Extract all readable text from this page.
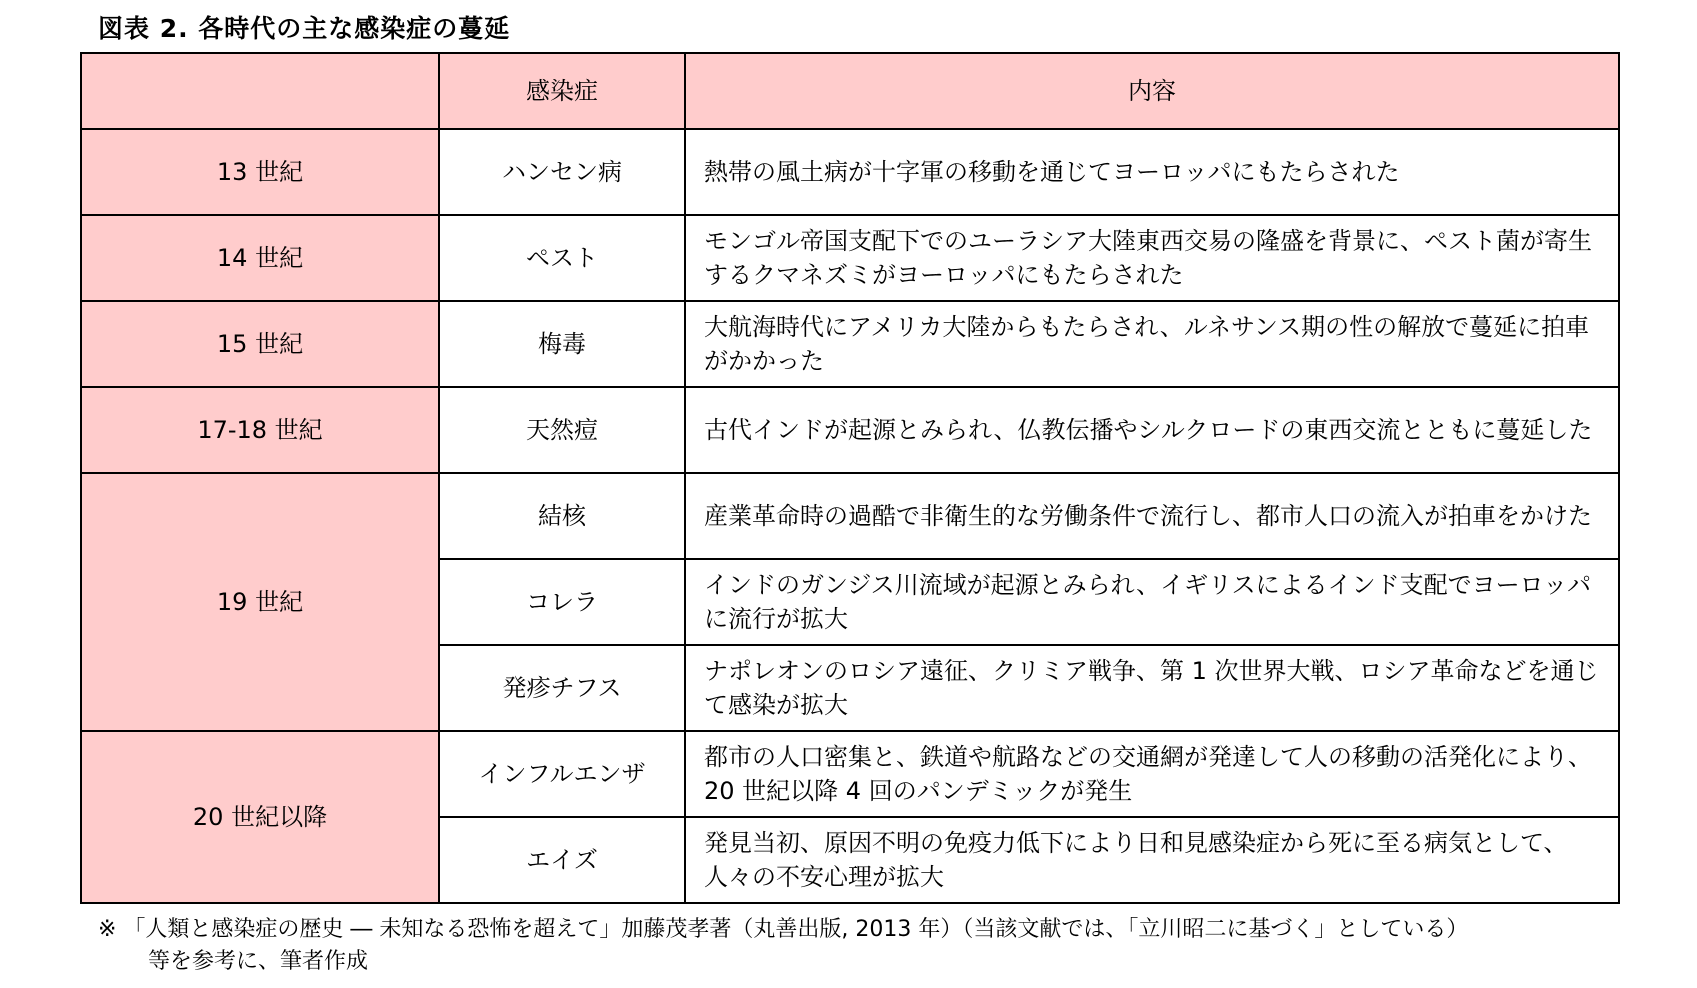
図表 2. 各時代の主な感染症の蔓延
	感染症	内容
13 世紀	ハンセン病	熱帯の風土病が十字軍の移動を通じてヨーロッパにもたらされた
14 世紀	ペスト	モンゴル帝国支配下でのユーラシア大陸東西交易の隆盛を背景に、ペスト菌が寄生するクマネズミがヨーロッパにもたらされた
15 世紀	梅毒	大航海時代にアメリカ大陸からもたらされ、ルネサンス期の性の解放で蔓延に拍車がかかった
17-18 世紀	天然痘	古代インドが起源とみられ、仏教伝播やシルクロードの東西交流とともに蔓延した
19 世紀	結核	産業革命時の過酷で非衛生的な労働条件で流行し、都市人口の流入が拍車をかけた
	コレラ	インドのガンジス川流域が起源とみられ、イギリスによるインド支配でヨーロッパに流行が拡大
	発疹チフス	ナポレオンのロシア遠征、クリミア戦争、第 1 次世界大戦、ロシア革命などを通じて感染が拡大
20 世紀以降	インフルエンザ	都市の人口密集と、鉄道や航路などの交通網が発達して人の移動の活発化により、20 世紀以降 4 回のパンデミックが発生
	エイズ	発見当初、原因不明の免疫力低下により日和見感染症から死に至る病気として、人々の不安心理が拡大
※ 「人類と感染症の歴史 ― 未知なる恐怖を超えて」加藤茂孝著（丸善出版, 2013 年）（当該文献では、「立川昭二に基づく」としている）
等を参考に、筆者作成
